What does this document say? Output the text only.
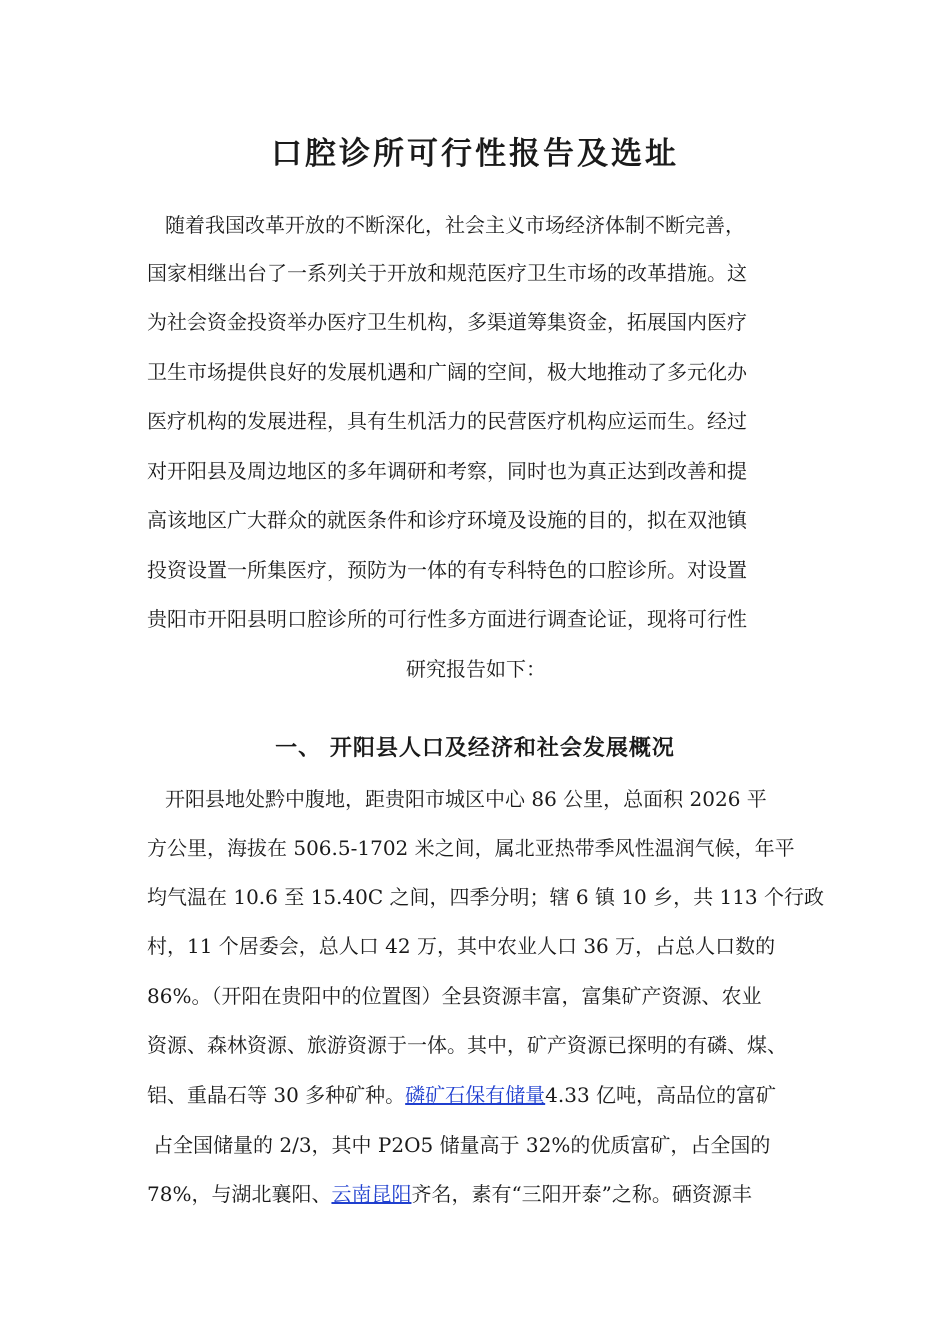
口腔诊所可行性报告及选址
随着我国改革开放的不断深化，社会主义市场经济体制不断完善，
国家相继出台了一系列关于开放和规范医疗卫生市场的改革措施。这
为社会资金投资举办医疗卫生机构，多渠道筹集资金，拓展国内医疗
卫生市场提供良好的发展机遇和广阔的空间，极大地推动了多元化办
医疗机构的发展进程，具有生机活力的民营医疗机构应运而生。经过
对开阳县及周边地区的多年调研和考察，同时也为真正达到改善和提
高该地区广大群众的就医条件和诊疗环境及设施的目的，拟在双池镇
投资设置一所集医疗，预防为一体的有专科特色的口腔诊所。对设置
贵阳市开阳县明口腔诊所的可行性多方面进行调查论证，现将可行性
研究报告如下：
一、 开阳县人口及经济和社会发展概况
开阳县地处黔中腹地，距贵阳市城区中心 86 公里，总面积 2026 平
方公里，海拔在 506.5-1702 米之间，属北亚热带季风性温润气候，年平
均气温在 10.6 至 15.40C 之间，四季分明；辖 6 镇 10 乡，共 113 个行政
村，11 个居委会，总人口 42 万，其中农业人口 36 万，占总人口数的
86%。（开阳在贵阳中的位置图）全县资源丰富，富集矿产资源、农业
资源、森林资源、旅游资源于一体。其中，矿产资源已探明的有磷、煤、
铝、重晶石等 30 多种矿种。 磷矿石保有储量 4.33 亿吨，高品位的富矿
占全国储量的 2/3，其中 P2O5 储量高于 32%的优质富矿，占全国的
78%，与湖北襄阳、 云南昆阳 齐名，素有“三阳开泰”之称。硒资源丰
